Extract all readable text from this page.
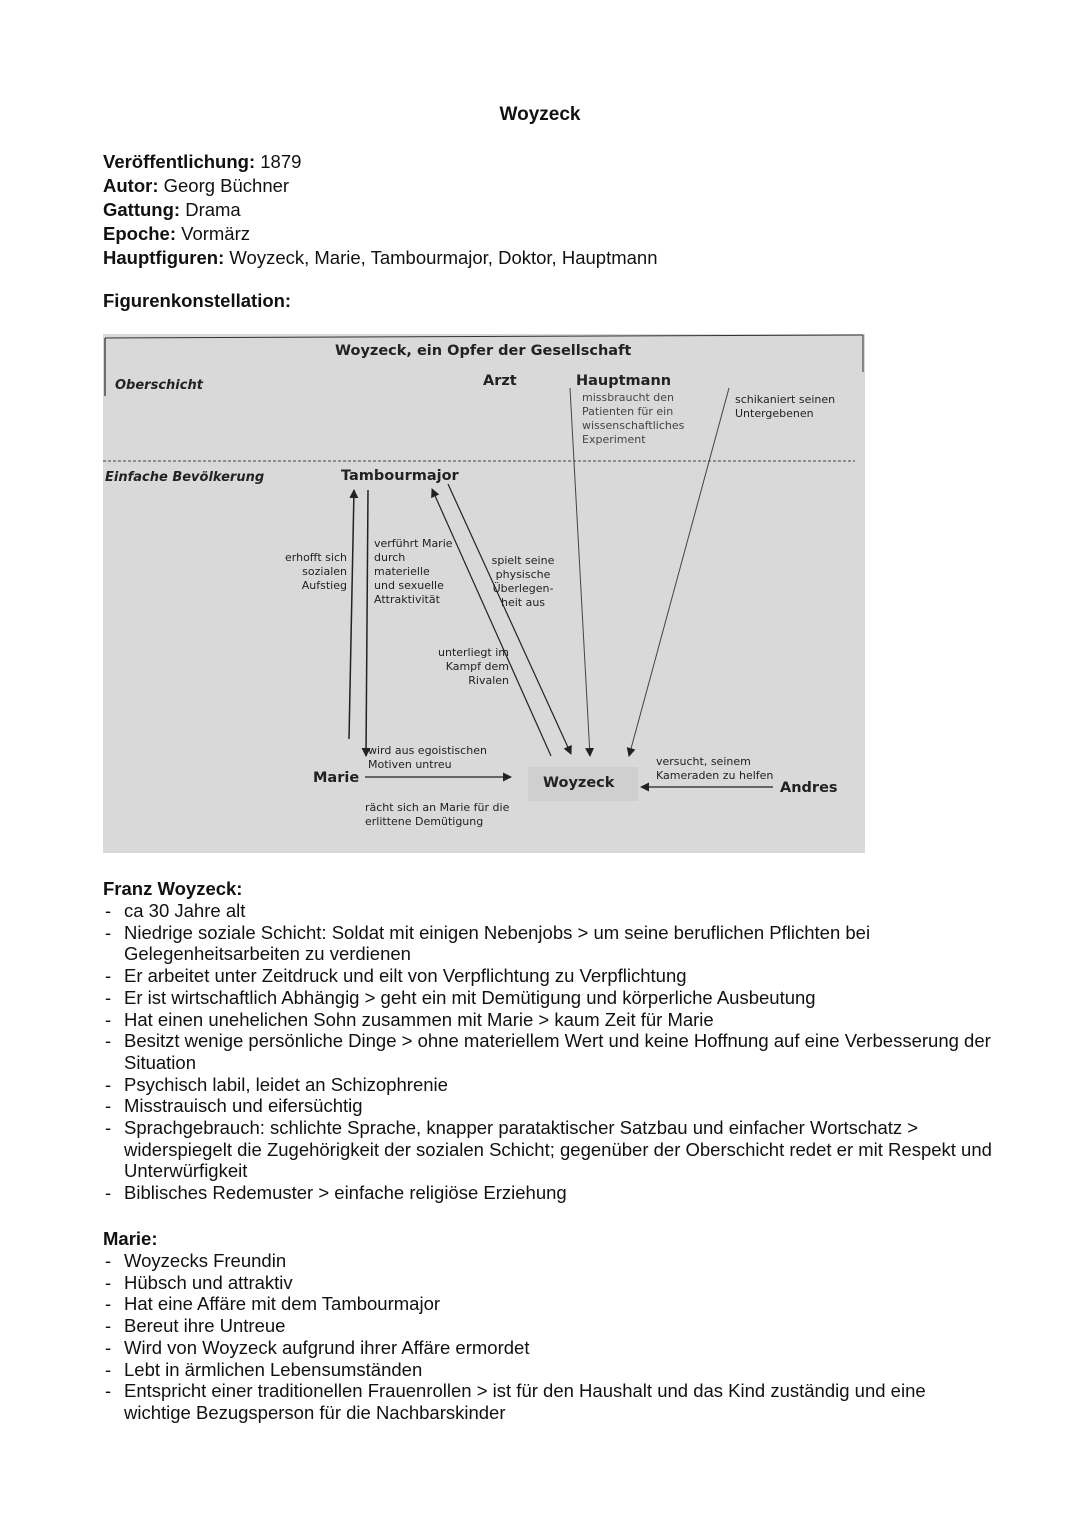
Woyzeck
Veröffentlichung: 1879
Autor: Georg Büchner
Gattung: Drama
Epoche: Vormärz
Hauptfiguren: Woyzeck, Marie, Tambourmajor, Doktor, Hauptmann
Figurenkonstellation:
Woyzeck, ein Opfer der Gesellschaft
Oberschicht
Einfache Bevölkerung
Arzt	Hauptmann
missbraucht den Patienten für ein wissenschaftliches Experiment
schikaniert seinen Untergebenen
Tambourmajor
erhofft sich sozialen Aufstieg
verführt Marie durch materielle und sexuelle Attraktivität
spielt seine physische Überlegen-heit aus
unterliegt im Kampf dem Rivalen
wird aus egoistischen Motiven untreu
Marie	Woyzeck
rächt sich an Marie für die erlittene Demütigung
versucht, seinem Kameraden zu helfen
Andres
Franz Woyzeck:
- ca 30 Jahre alt
- Niedrige soziale Schicht: Soldat mit einigen Nebenjobs > um seine beruflichen Pflichten bei Gelegenheitsarbeiten zu verdienen
- Er arbeitet unter Zeitdruck und eilt von Verpflichtung zu Verpflichtung
- Er ist wirtschaftlich Abhängig > geht ein mit Demütigung und körperliche Ausbeutung
- Hat einen unehelichen Sohn zusammen mit Marie > kaum Zeit für Marie
- Besitzt wenige persönliche Dinge > ohne materiellem Wert und keine Hoffnung auf eine Verbesserung der Situation
- Psychisch labil, leidet an Schizophrenie
- Misstrauisch und eifersüchtig
- Sprachgebrauch: schlichte Sprache, knapper parataktischer Satzbau und einfacher Wortschatz > widerspiegelt die Zugehörigkeit der sozialen Schicht; gegenüber der Oberschicht redet er mit Respekt und Unterwürfigkeit
- Biblisches Redemuster > einfache religiöse Erziehung
Marie:
- Woyzecks Freundin
- Hübsch und attraktiv
- Hat eine Affäre mit dem Tambourmajor
- Bereut ihre Untreue
- Wird von Woyzeck aufgrund ihrer Affäre ermordet
- Lebt in ärmlichen Lebensumständen
- Entspricht einer traditionellen Frauenrollen > ist für den Haushalt und das Kind zuständig und eine wichtige Bezugsperson für die Nachbarskinder
